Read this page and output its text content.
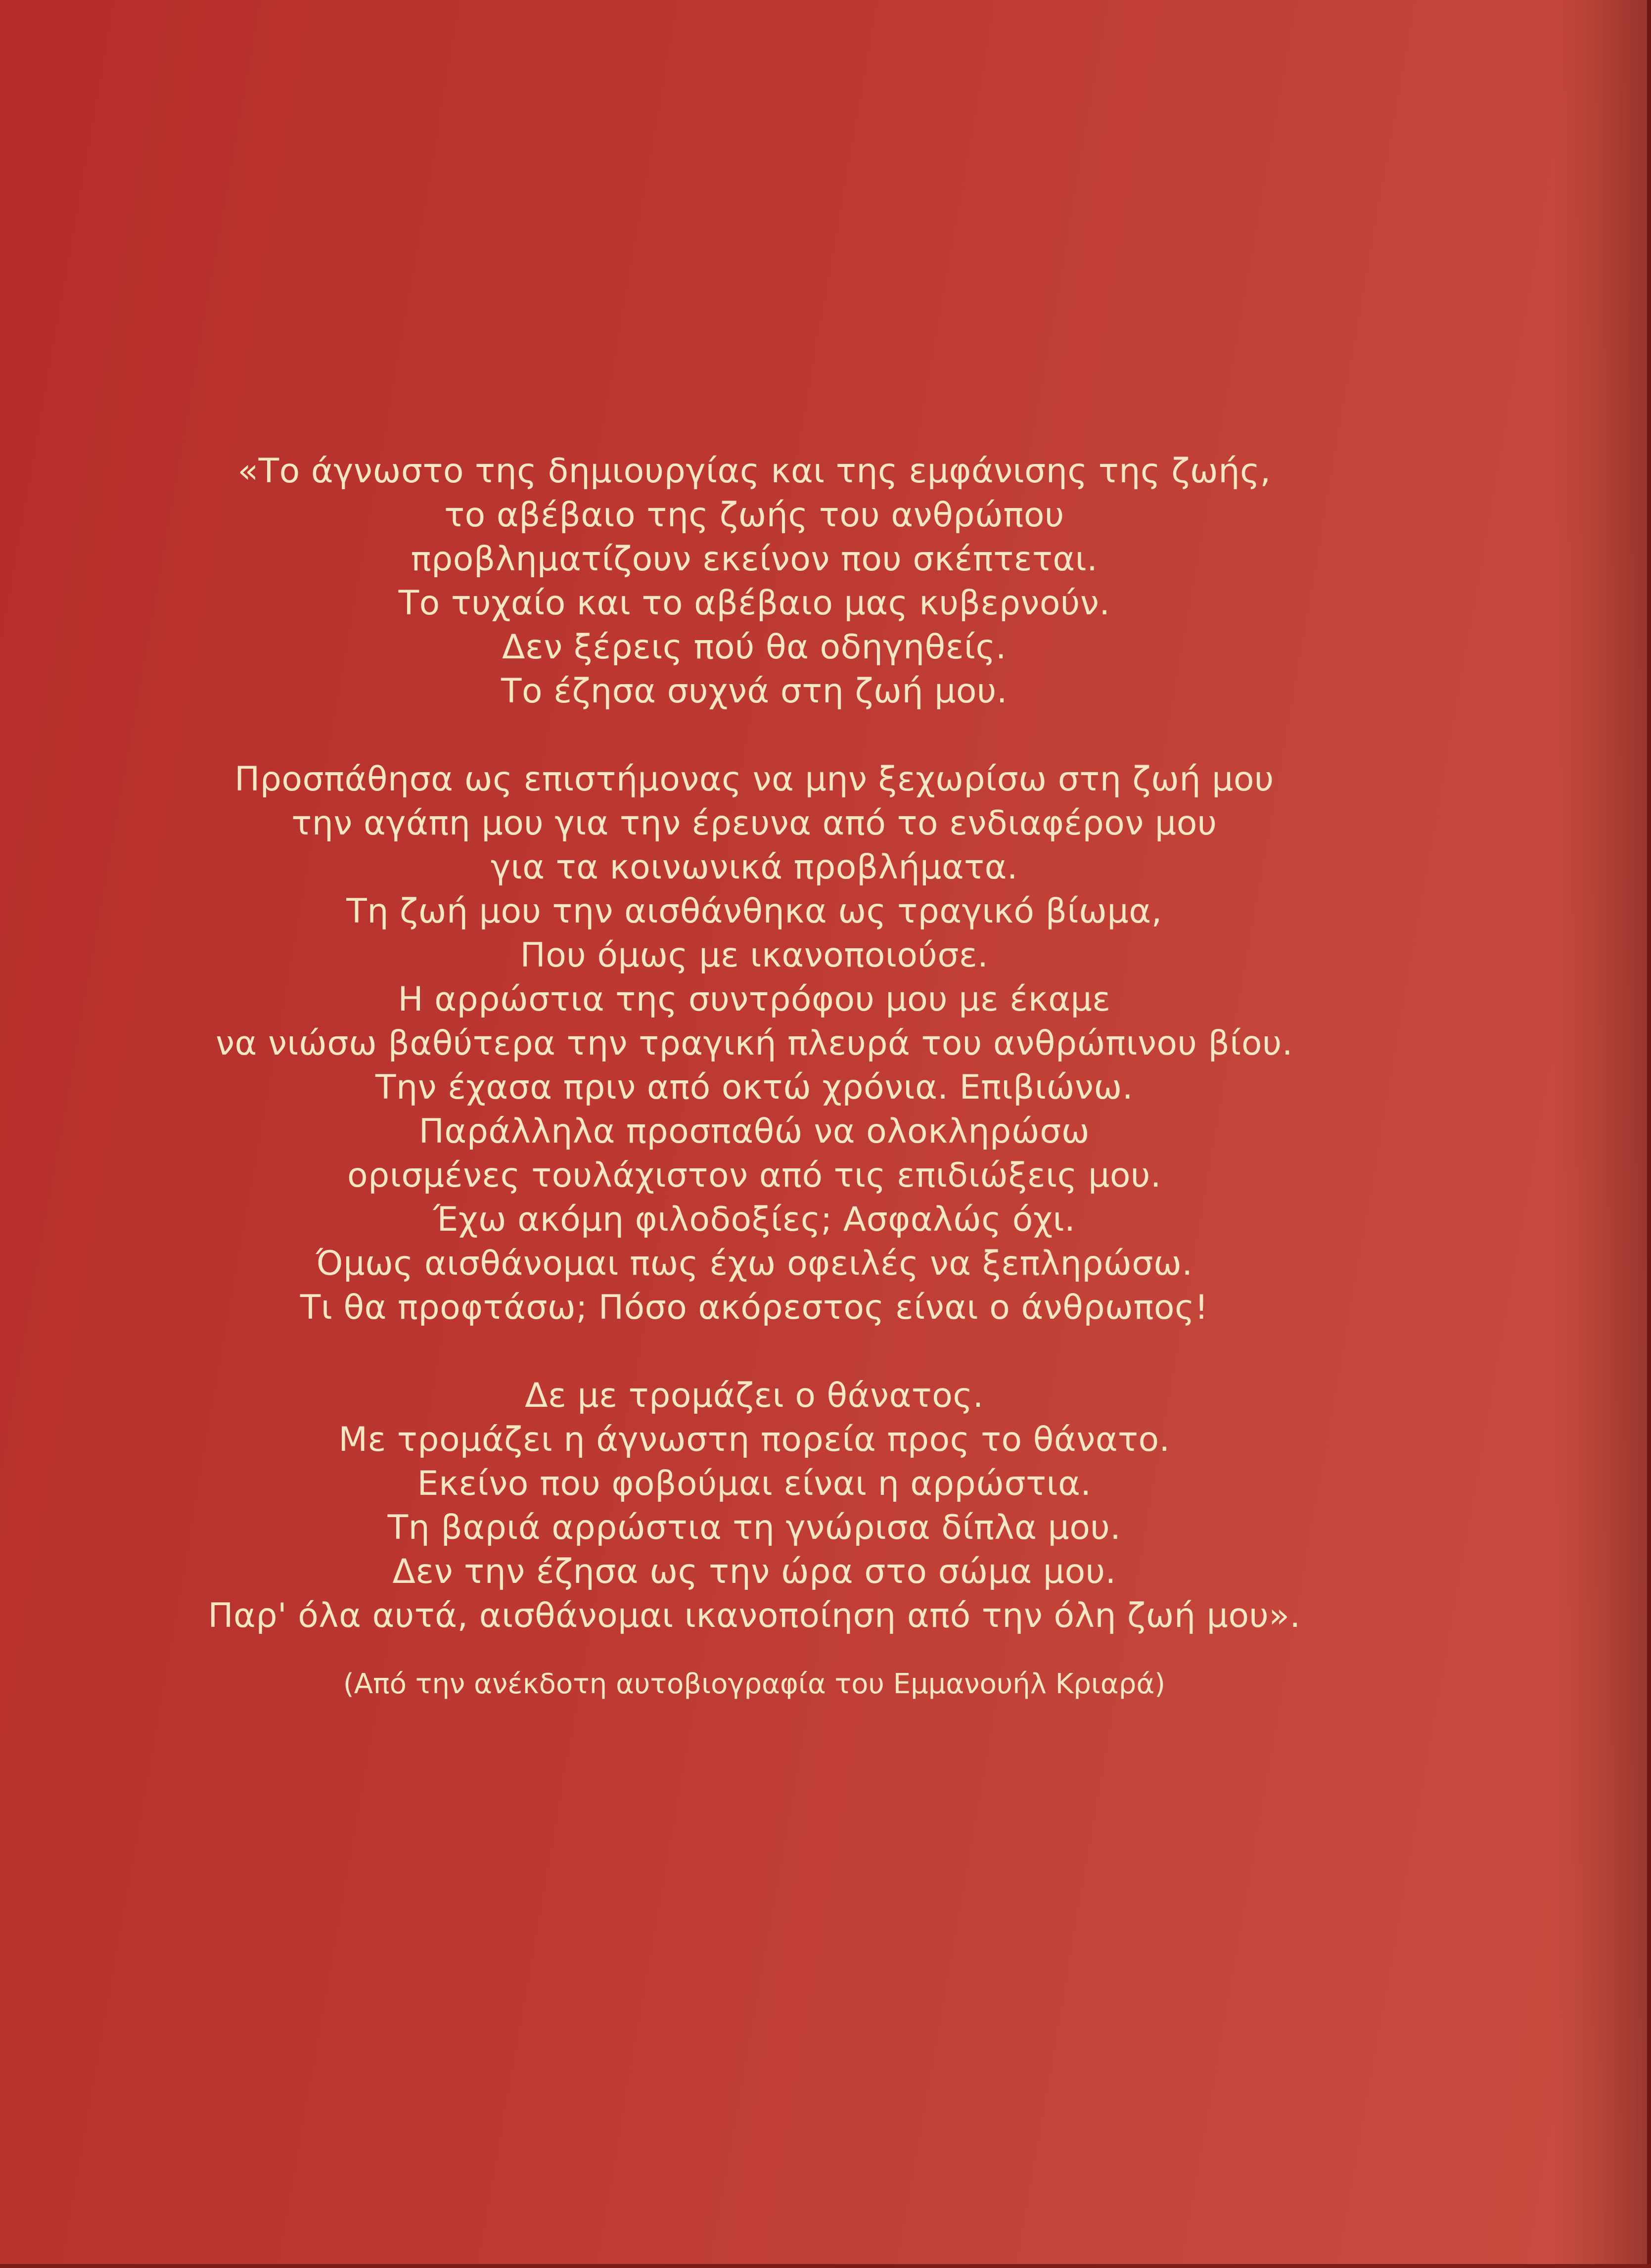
«Το άγνωστο της δημιουργίας και της εμφάνισης της ζωής,
το αβέβαιο της ζωής του ανθρώπου
προβληματίζουν εκείνον που σκέπτεται.
Το τυχαίο και το αβέβαιο μας κυβερνούν.
Δεν ξέρεις πού θα οδηγηθείς.
Το έζησα συχνά στη ζωή μου.
Προσπάθησα ως επιστήμονας να μην ξεχωρίσω στη ζωή μου
την αγάπη μου για την έρευνα από το ενδιαφέρον μου
για τα κοινωνικά προβλήματα.
Τη ζωή μου την αισθάνθηκα ως τραγικό βίωμα,
Που όμως με ικανοποιούσε.
Η αρρώστια της συντρόφου μου με έκαμε
να νιώσω βαθύτερα την τραγική πλευρά του ανθρώπινου βίου.
Την έχασα πριν από οκτώ χρόνια. Επιβιώνω.
Παράλληλα προσπαθώ να ολοκληρώσω
ορισμένες τουλάχιστον από τις επιδιώξεις μου.
Έχω ακόμη φιλοδοξίες; Ασφαλώς όχι.
Όμως αισθάνομαι πως έχω οφειλές να ξεπληρώσω.
Τι θα προφτάσω; Πόσο ακόρεστος είναι ο άνθρωπος!
Δε με τρομάζει ο θάνατος.
Με τρομάζει η άγνωστη πορεία προς το θάνατο.
Εκείνο που φοβούμαι είναι η αρρώστια.
Τη βαριά αρρώστια τη γνώρισα δίπλα μου.
Δεν την έζησα ως την ώρα στο σώμα μου.
Παρ' όλα αυτά, αισθάνομαι ικανοποίηση από την όλη ζωή μου».
(Από την ανέκδοτη αυτοβιογραφία του Εμμανουήλ Κριαρά)
